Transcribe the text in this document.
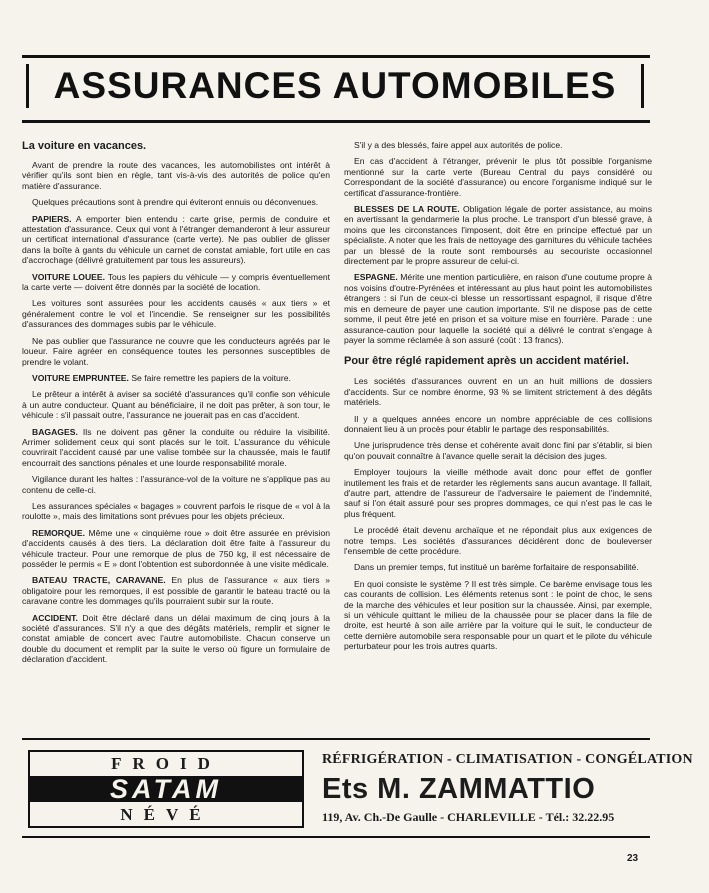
ASSURANCES AUTOMOBILES
La voiture en vacances.
Avant de prendre la route des vacances, les automobilistes ont intérêt à vérifier qu'ils sont bien en règle, tant vis-à-vis des autorités de police qu'en matière d'assurance.
Quelques précautions sont à prendre qui éviteront ennuis ou déconvenues.
PAPIERS. A emporter bien entendu : carte grise, permis de conduire et attestation d'assurance. Ceux qui vont à l'étranger demanderont à leur assureur un certificat international d'assurance (carte verte). Ne pas oublier de glisser dans la boîte à gants du véhicule un carnet de constat amiable, fort utile en cas d'accrochage (délivré gratuitement par tous les assureurs).
VOITURE LOUEE. Tous les papiers du véhicule — y compris éventuellement la carte verte — doivent être donnés par la société de location.
Les voitures sont assurées pour les accidents causés « aux tiers » et généralement contre le vol et l'incendie. Se renseigner sur les possibilités d'assurances des dommages subis par le véhicule.
Ne pas oublier que l'assurance ne couvre que les conducteurs agréés par le loueur. Faire agréer en conséquence toutes les personnes susceptibles de prendre le volant.
VOITURE EMPRUNTEE. Se faire remettre les papiers de la voiture.
Le prêteur a intérêt à aviser sa société d'assurances qu'il confie son véhicule à un autre conducteur. Quant au bénéficiaire, il ne doit pas prêter, à son tour, le véhicule : s'il passait outre, l'assurance ne jouerait pas en cas d'accident.
BAGAGES. Ils ne doivent pas gêner la conduite ou réduire la visibilité. Arrimer solidement ceux qui sont placés sur le toit. L'assurance du véhicule couvrirait l'accident causé par une valise tombée sur la chaussée, mais le fautif encourrait des sanctions pénales et une lourde responsabilité morale.
Vigilance durant les haltes : l'assurance-vol de la voiture ne s'applique pas au contenu de celle-ci.
Les assurances spéciales « bagages » couvrent parfois le risque de « vol à la roulotte », mais des limitations sont prévues pour les objets précieux.
REMORQUE. Même une « cinquième roue » doit être assurée en prévision d'accidents causés à des tiers. La déclaration doit être faite à l'assureur du véhicule tracteur. Pour une remorque de plus de 750 kg, il est nécessaire de posséder le permis « E » dont l'obtention est subordonnée à une visite médicale.
BATEAU TRACTE, CARAVANE. En plus de l'assurance « aux tiers » obligatoire pour les remorques, il est possible de garantir le bateau tracté ou la caravane contre les dommages qu'ils pourraient subir sur la route.
ACCIDENT. Doit être déclaré dans un délai maximum de cinq jours à la société d'assurances. S'il n'y a que des dégâts matériels, remplir et signer le constat amiable de concert avec l'autre automobiliste. Chacun conserve un double du document et remplit par la suite le verso où figure un formulaire de déclaration d'accident.
S'il y a des blessés, faire appel aux autorités de police.
En cas d'accident à l'étranger, prévenir le plus tôt possible l'organisme mentionné sur la carte verte (Bureau Central du pays considéré ou Correspondant de la société d'assurance) ou encore l'organisme indiqué sur le certificat d'assurance-frontière.
BLESSES DE LA ROUTE. Obligation légale de porter assistance, au moins en avertissant la gendarmerie la plus proche. Le transport d'un blessé grave, à moins que les circonstances l'imposent, doit être en principe effectué par un spécialiste. A noter que les frais de nettoyage des garnitures du véhicule tachées par un blessé de la route sont remboursés au secouriste occasionnel directement par le propre assureur de celui-ci.
ESPAGNE. Mérite une mention particulière, en raison d'une coutume propre à nos voisins d'outre-Pyrénées et intéressant au plus haut point les automobilistes étrangers : si l'un de ceux-ci blesse un ressortissant espagnol, il risque d'être mis en demeure de payer une caution importante. S'il ne dispose pas de cette somme, il peut être jeté en prison et sa voiture mise en fourrière. Parade : une assurance-caution pour laquelle la société qui a délivré le contrat s'engage à payer la somme réclamée à son assuré (coût : 13 francs).
Pour être réglé rapidement après un accident matériel.
Les sociétés d'assurances ouvrent en un an huit millions de dossiers d'accidents. Sur ce nombre énorme, 93 % se limitent strictement à des dégâts matériels.
Il y a quelques années encore un nombre appréciable de ces collisions donnaient lieu à un procès pour établir le partage des responsabilités.
Une jurisprudence très dense et cohérente avait donc fini par s'établir, si bien qu'on pouvait connaître à l'avance quelle serait la décision des juges.
Employer toujours la vieille méthode avait donc pour effet de gonfler inutilement les frais et de retarder les règlements sans aucun avantage. Il fallait, d'autre part, attendre de l'assureur de l'adversaire le paiement de l'indemnité, sauf si l'on était assuré pour ses propres dommages, ce qui n'est pas le cas le plus fréquent.
Le procédé était devenu archaïque et ne répondait plus aux exigences de notre temps. Les sociétés d'assurances décidèrent donc de bouleverser l'ensemble de cette procédure.
Dans un premier temps, fut institué un barème forfaitaire de responsabilité.
En quoi consiste le système ? Il est très simple. Ce barème envisage tous les cas courants de collision. Les éléments retenus sont : le point de choc, le sens de la marche des véhicules et leur position sur la chaussée. Ainsi, par exemple, si un véhicule quittant le milieu de la chaussée pour se placer dans la file de droite, est heurté à son aile arrière par la voiture qui le suit, le conducteur de cette dernière automobile sera responsable pour un quart et le pilote du véhicule perturbateur pour les trois autres quarts.
FROID
SATAM
NÉVÉ
RÉFRIGÉRATION - CLIMATISATION - CONGÉLATION
Ets M. ZAMMATTIO
119, Av. Ch.-De Gaulle - CHARLEVILLE - Tél.: 32.22.95
23
